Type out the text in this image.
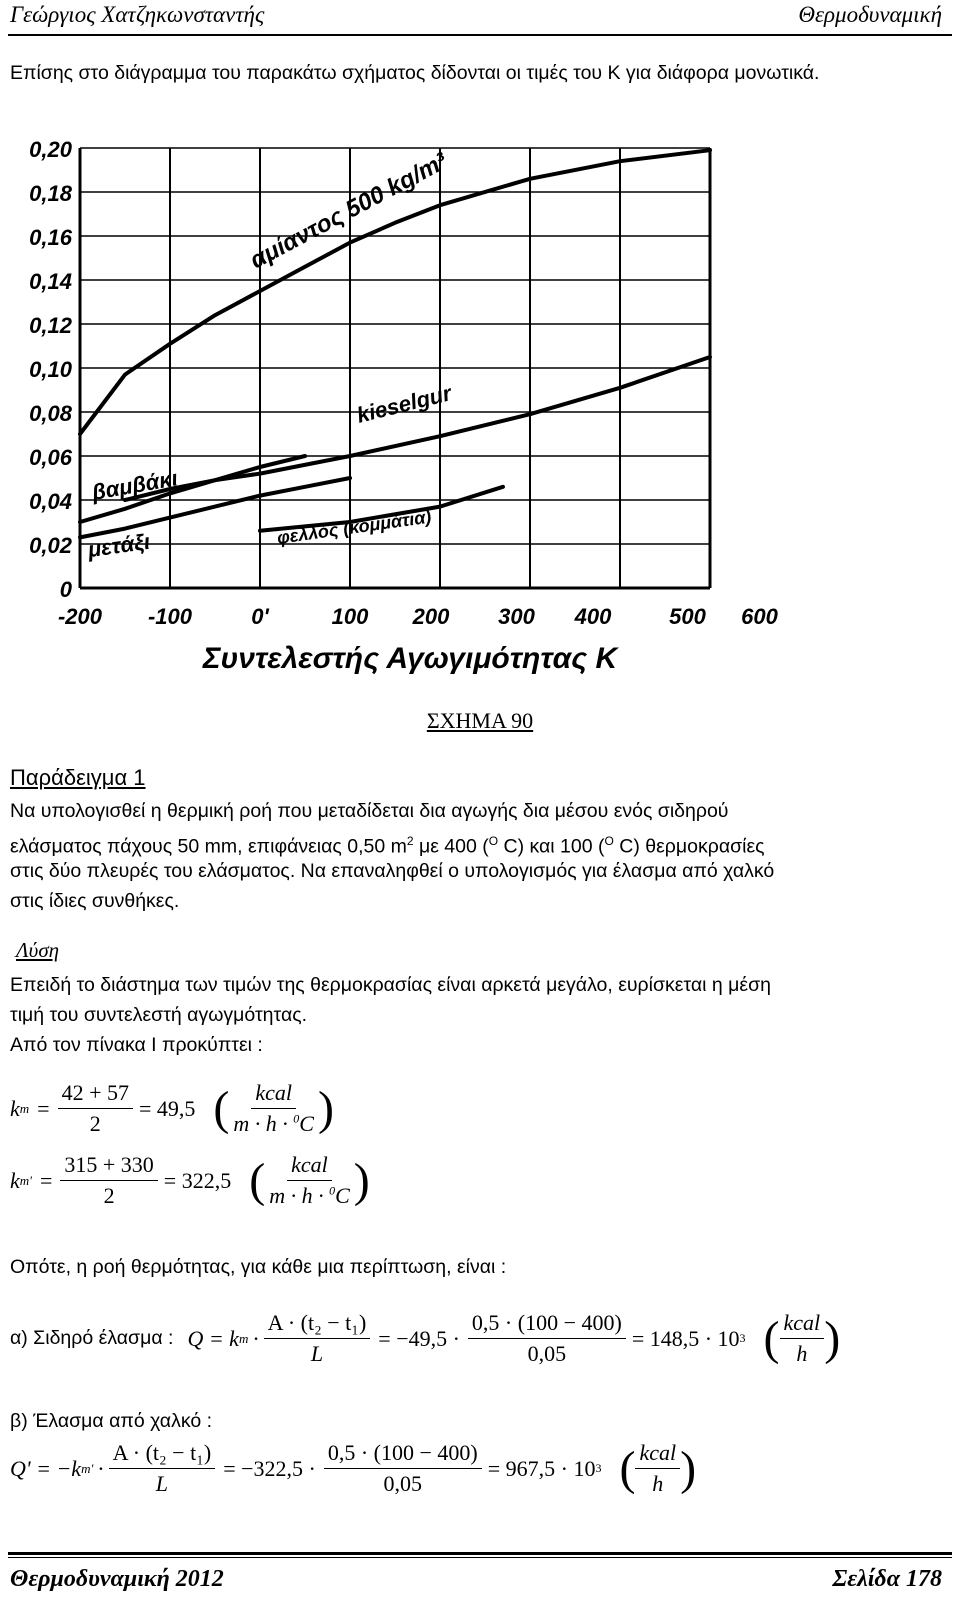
Γεώργιος Χατζηκωνσταντής	Θερμοδυναμική
Επίσης στο διάγραμμα του παρακάτω σχήματος δίδονται οι τιμές του Κ για διάφορα μονωτικά.
0,20
0,18
0,16
0,14
0,12
0,10
0,08
0,06
0,04
0,02
0
-200 -100	0'	100 200 300 400	500 600
αμίαντος 500 kg/m³
kieselgur
βαμβάκι
μετάξι	φελλός (κομμάτια)
Συντελεστής Αγωγιμότητας Κ
ΣΧΗΜΑ 90
Παράδειγμα 1
Να υπολογισθεί η θερμική ροή που μεταδίδεται δια αγωγής δια μέσου ενός σιδηρού
ελάσματος πάχους 50 mm, επιφάνειας 0,50 $m^2$ με 400 ($^O$ C) και 100 ($^O$ C) θερμοκρασίες
στις δύο πλευρές του ελάσματος. Να επαναληφθεί ο υπολογισμός για έλασμα από χαλκό
στις ίδιες συνθήκες.
Λύση
Επειδή το διάστημα των τιμών της θερμοκρασίας είναι αρκετά μεγάλο, ευρίσκεται η μέση
τιμή του συντελεστή αγωγμότητας.
Από τον πίνακα Ι προκύπτει :
k $m = \frac{42 + 57}{2} = 49,5$ ( $\frac{\text{kcal}}{m \cdot h \cdot ^0C}$ )
k $m' = \frac{315 + 330}{2} = 322,5$ ( $\frac{\text{kcal}}{m \cdot h \cdot ^0C}$ )
Οπότε, η ροή θερμότητας, για κάθε μια περίπτωση, είναι :
α) Σιδηρό έλασμα : Q = k $m \cdot \frac{\text{A · (t₂ − t₁)}}{L} = -49,5 \cdot \frac{0,5 \cdot (100 - 400)}{0,05} = 148,5 \cdot 10$ 3 ( $\frac{\text{kcal}}{h}$ )
β) Έλασμα από χαλκό :
Q' = −k $m' \cdot \frac{\text{A · (t₂ − t₁)}}{L} = -322,5 \cdot \frac{0,5 \cdot (100 - 400)}{0,05} = 967,5 \cdot 10$ 3 ( $\frac{\text{kcal}}{h}$ )
Θερμοδυναμική 2012	Σελίδα 178
